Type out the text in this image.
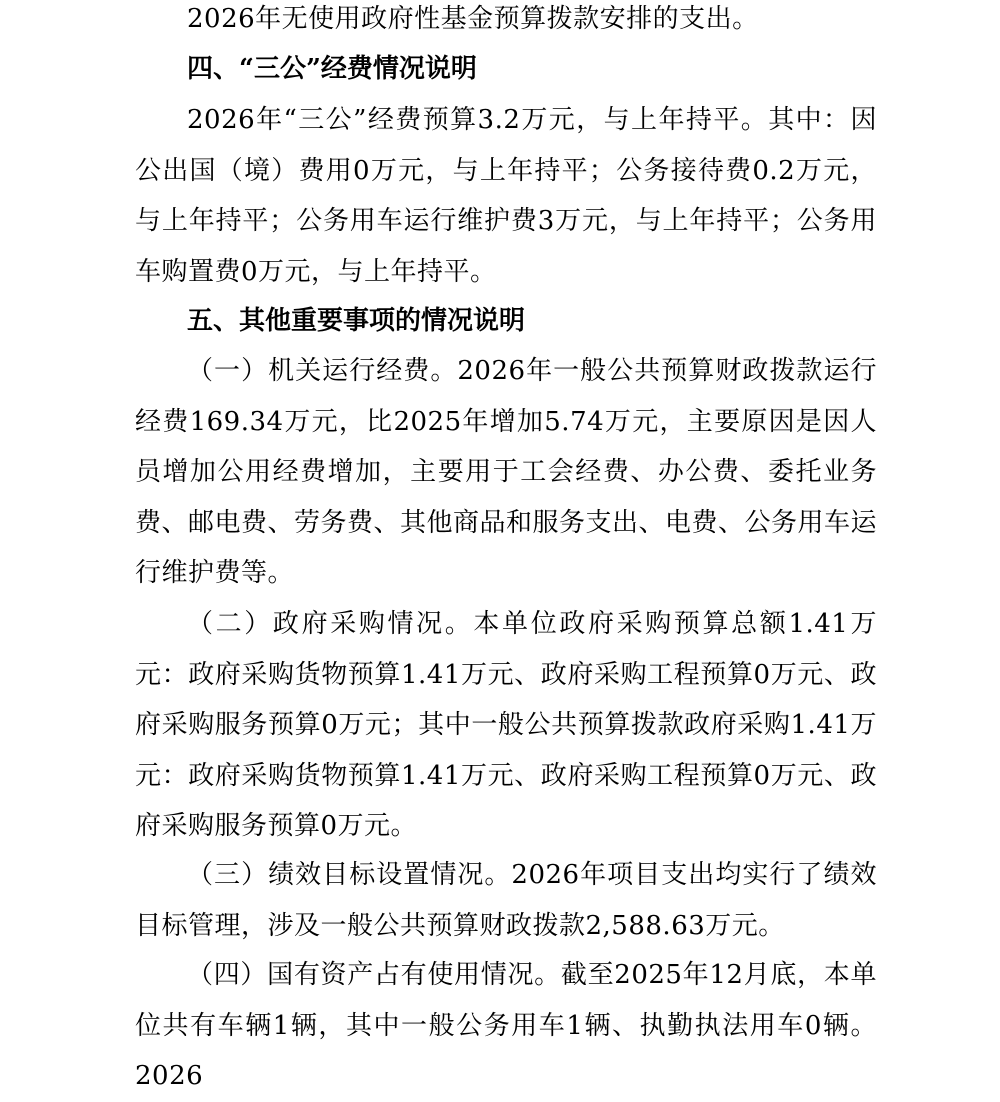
2026年无使用政府性基金预算拨款安排的支出。

四、“三公”经费情况说明

2026年“三公”经费预算3.2万元，与上年持平。其中：因公出国（境）费用0万元，与上年持平；公务接待费0.2万元，与上年持平；公务用车运行维护费3万元，与上年持平；公务用车购置费0万元，与上年持平。

五、其他重要事项的情况说明

（一）机关运行经费。2026年一般公共预算财政拨款运行经费169.34万元，比2025年增加5.74万元，主要原因是因人员增加公用经费增加，主要用于工会经费、办公费、委托业务费、邮电费、劳务费、其他商品和服务支出、电费、公务用车运行维护费等。

（二）政府采购情况。本单位政府采购预算总额1.41万元：政府采购货物预算1.41万元、政府采购工程预算0万元、政府采购服务预算0万元；其中一般公共预算拨款政府采购1.41万元：政府采购货物预算1.41万元、政府采购工程预算0万元、政府采购服务预算0万元。

（三）绩效目标设置情况。2026年项目支出均实行了绩效目标管理，涉及一般公共预算财政拨款2,588.63万元。

（四）国有资产占有使用情况。截至2025年12月底，本单位共有车辆1辆，其中一般公务用车1辆、执勤执法用车0辆。2026
